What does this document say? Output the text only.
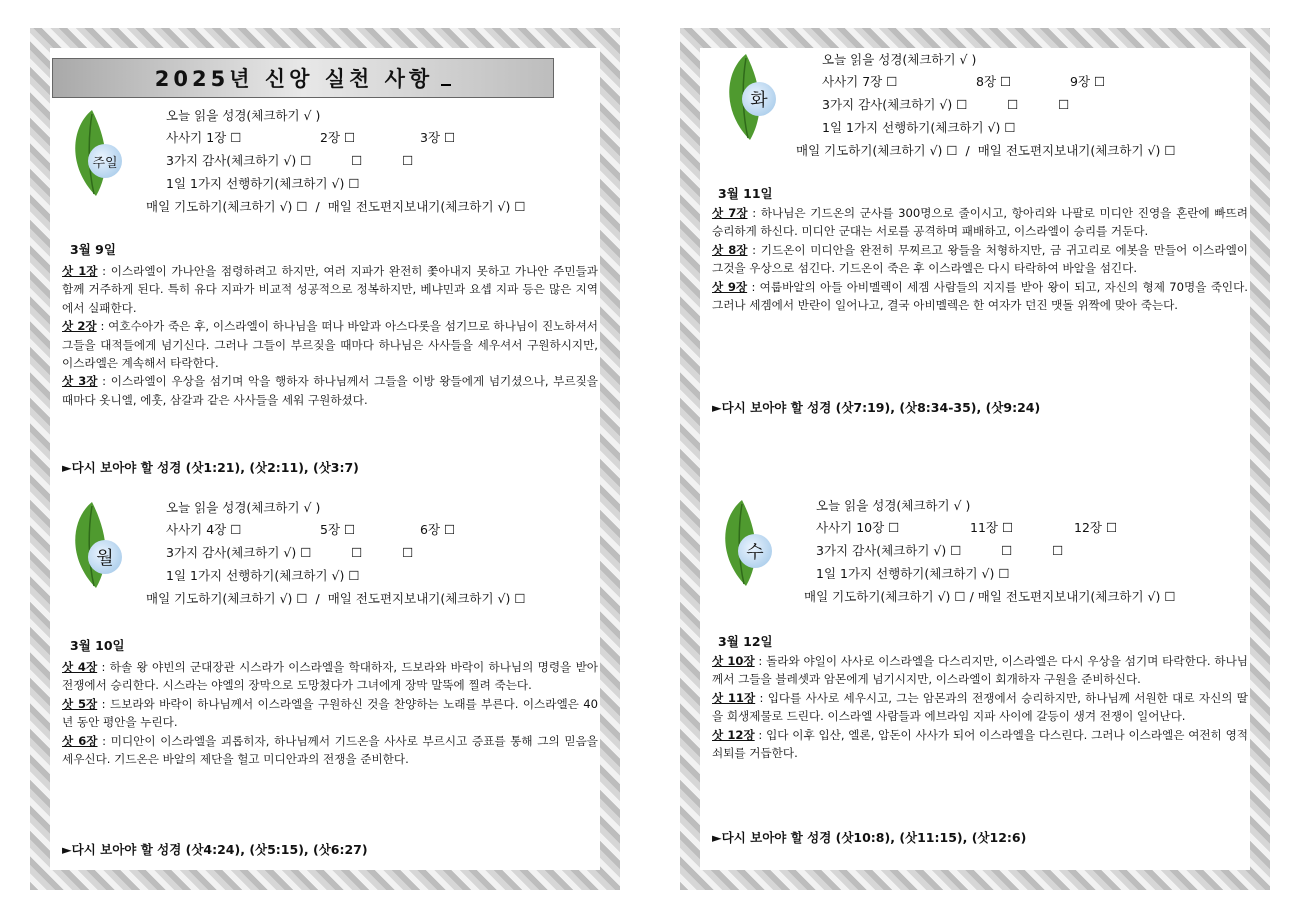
2025년 신앙 실천 사항
주일
오늘 읽을 성경(체크하기 √ )
사사기 1장 ☐	2장 ☐	3장 ☐
3가지 감사(체크하기 √) ☐          ☐          ☐
1일 1가지 선행하기(체크하기 √) ☐
매일 기도하기(체크하기 √) ☐  /  매일 전도편지보내기(체크하기 √) ☐
3월 9일

삿 1장 : 이스라엘이 가나안을 점령하려고 하지만, 여러 지파가 완전히 쫓아내지 못하고 가나안 주민들과 함께 거주하게 된다. 특히 유다 지파가 비교적 성공적으로 정복하지만, 베냐민과 요셉 지파 등은 많은 지역에서 실패한다.

삿 2장 : 여호수아가 죽은 후, 이스라엘이 하나님을 떠나 바알과 아스다롯을 섬기므로 하나님이 진노하셔서 그들을 대적들에게 넘기신다. 그러나 그들이 부르짖을 때마다 하나님은 사사들을 세우셔서 구원하시지만, 이스라엘은 계속해서 타락한다.

삿 3장 : 이스라엘이 우상을 섬기며 악을 행하자 하나님께서 그들을 이방 왕들에게 넘기셨으나, 부르짖을 때마다 옷니엘, 에훗, 삼갈과 같은 사사들을 세워 구원하셨다.

►다시 보아야 할 성경 (삿1:21), (삿2:11), (삿3:7)
월
오늘 읽을 성경(체크하기 √ )
사사기 4장 ☐	5장 ☐	6장 ☐
3가지 감사(체크하기 √) ☐          ☐          ☐
1일 1가지 선행하기(체크하기 √) ☐
매일 기도하기(체크하기 √) ☐  /  매일 전도편지보내기(체크하기 √) ☐
3월 10일

삿 4장 : 하솔 왕 야빈의 군대장관 시스라가 이스라엘을 학대하자, 드보라와 바락이 하나님의 명령을 받아 전쟁에서 승리한다. 시스라는 야엘의 장막으로 도망쳤다가 그녀에게 장막 말뚝에 찔려 죽는다.

삿 5장 : 드보라와 바락이 하나님께서 이스라엘을 구원하신 것을 찬양하는 노래를 부른다. 이스라엘은 40년 동안 평안을 누린다.

삿 6장 : 미디안이 이스라엘을 괴롭히자, 하나님께서 기드온을 사사로 부르시고 증표를 통해 그의 믿음을 세우신다. 기드온은 바알의 제단을 헐고 미디안과의 전쟁을 준비한다.

►다시 보아야 할 성경 (삿4:24), (삿5:15), (삿6:27)
화
오늘 읽을 성경(체크하기 √ )
사사기 7장 ☐	8장 ☐	9장 ☐
3가지 감사(체크하기 √) ☐          ☐          ☐
1일 1가지 선행하기(체크하기 √) ☐
매일 기도하기(체크하기 √) ☐  /  매일 전도편지보내기(체크하기 √) ☐
3월 11일

삿 7장 : 하나님은 기드온의 군사를 300명으로 줄이시고, 항아리와 나팔로 미디안 진영을 혼란에 빠뜨려 승리하게 하신다. 미디안 군대는 서로를 공격하며 패배하고, 이스라엘이 승리를 거둔다.

삿 8장 : 기드온이 미디안을 완전히 무찌르고 왕들을 처형하지만, 금 귀고리로 에봇을 만들어 이스라엘이 그것을 우상으로 섬긴다. 기드온이 죽은 후 이스라엘은 다시 타락하여 바알을 섬긴다.

삿 9장 : 여룹바알의 아들 아비멜렉이 세겜 사람들의 지지를 받아 왕이 되고, 자신의 형제 70명을 죽인다. 그러나 세겜에서 반란이 일어나고, 결국 아비멜렉은 한 여자가 던진 맷돌 위짝에 맞아 죽는다.

►다시 보아야 할 성경 (삿7:19), (삿8:34-35), (삿9:24)
수
오늘 읽을 성경(체크하기 √ )
사사기 10장 ☐	11장 ☐	12장 ☐
3가지 감사(체크하기 √) ☐          ☐          ☐
1일 1가지 선행하기(체크하기 √) ☐
매일 기도하기(체크하기 √) ☐ / 매일 전도편지보내기(체크하기 √) ☐
3월 12일

삿 10장 : 돌라와 야일이 사사로 이스라엘을 다스리지만, 이스라엘은 다시 우상을 섬기며 타락한다. 하나님께서 그들을 블레셋과 암몬에게 넘기시지만, 이스라엘이 회개하자 구원을 준비하신다.

삿 11장 : 입다를 사사로 세우시고, 그는 암몬과의 전쟁에서 승리하지만, 하나님께 서원한 대로 자신의 딸을 희생제물로 드린다. 이스라엘 사람들과 에브라임 지파 사이에 갈등이 생겨 전쟁이 일어난다.

삿 12장 : 입다 이후 입산, 엘론, 압돈이 사사가 되어 이스라엘을 다스린다. 그러나 이스라엘은 여전히 영적 쇠퇴를 거듭한다.

►다시 보아야 할 성경 (삿10:8), (삿11:15), (삿12:6)
